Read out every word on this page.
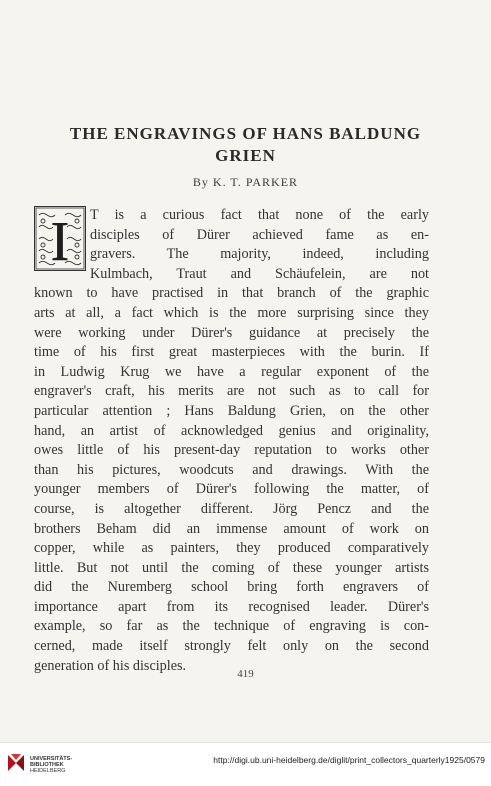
THE ENGRAVINGS OF HANS BALDUNG
GRIEN
By K. T. PARKER
T is a curious fact that none of the early
disciples of Dürer achieved fame as en-
gravers. The majority, indeed, including
Kulmbach, Traut and Schäufelein, are not
known to have practised in that branch of the graphic
arts at all, a fact which is the more surprising since they
were working under Dürer's guidance at precisely the
time of his first great masterpieces with the burin. If
in Ludwig Krug we have a regular exponent of the
engraver's craft, his merits are not such as to call for
particular attention ; Hans Baldung Grien, on the other
hand, an artist of acknowledged genius and originality,
owes little of his present-day reputation to works other
than his pictures, woodcuts and drawings. With the
younger members of Dürer's following the matter, of
course, is altogether different. Jörg Pencz and the
brothers Beham did an immense amount of work on
copper, while as painters, they produced comparatively
little. But not until the coming of these younger artists
did the Nuremberg school bring forth engravers of
importance apart from its recognised leader. Dürer's
example, so far as the technique of engraving is con-
cerned, made itself strongly felt only on the second
generation of his disciples.
I
419
UNIVERSITÄTS-
BIBLIOTHEK
HEIDELBERG
http://digi.ub.uni-heidelberg.de/diglit/print_collectors_quarterly1925/0579
